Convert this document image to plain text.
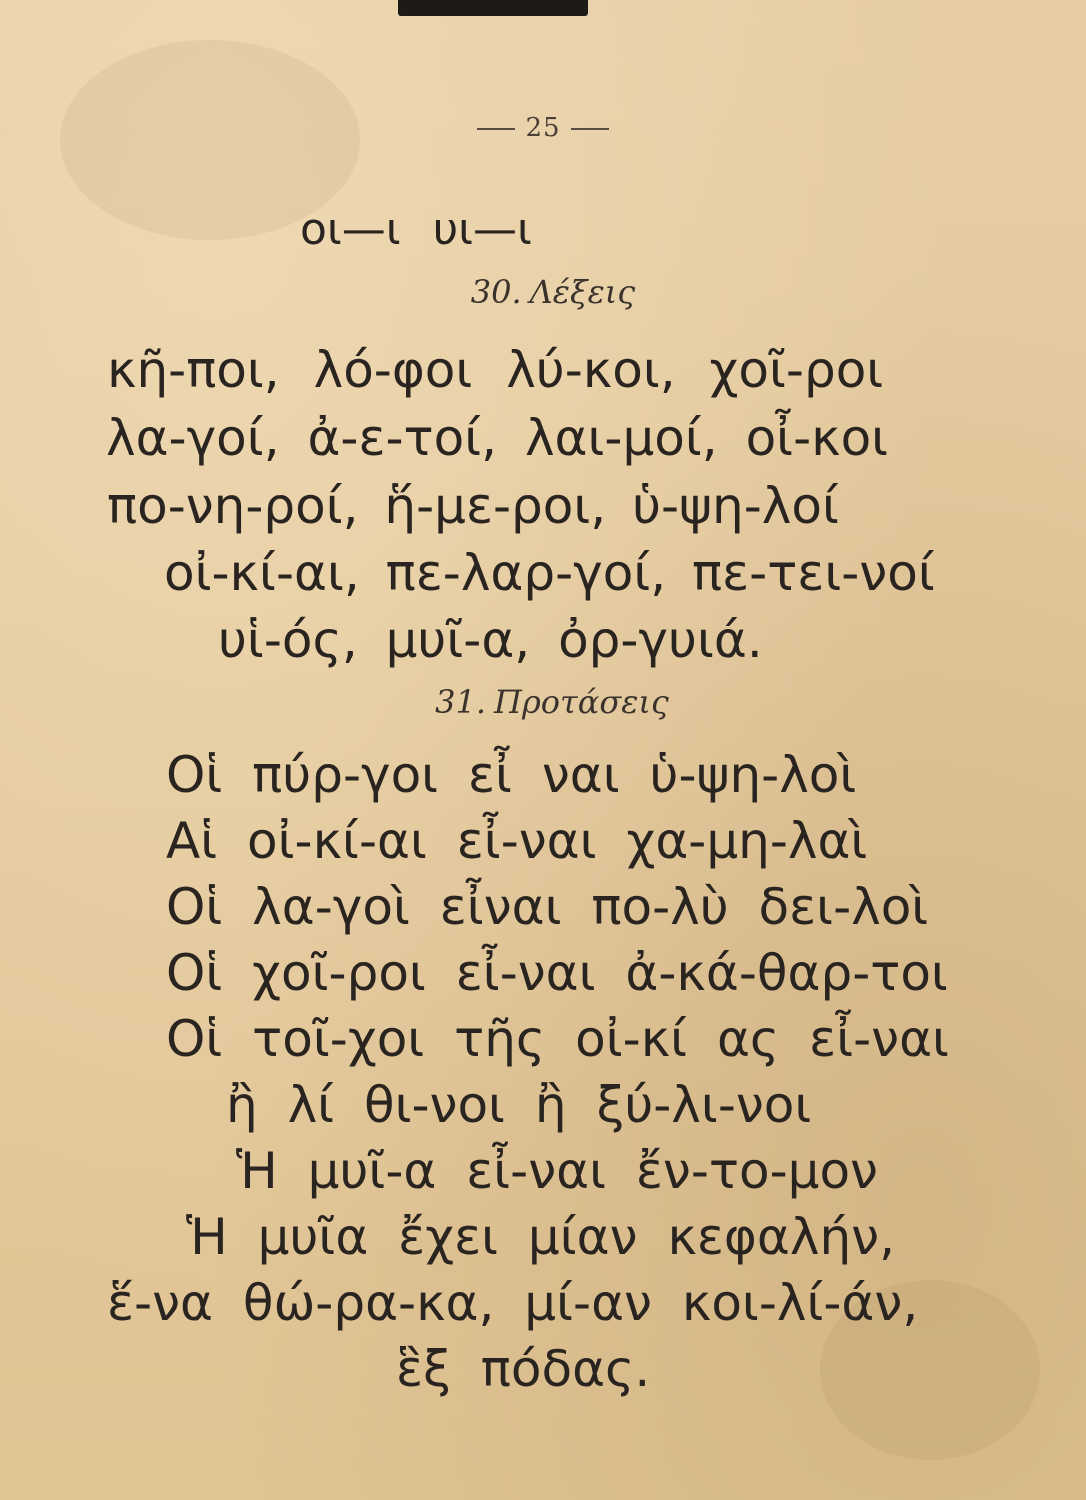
25
οι—ι υι—ι
30. Λέξεις
κῆ-ποι, λό-φοι λύ-κοι, χοῖ-ροι
λα-γοί, ἀ-ε-τοί, λαι-μοί, οἶ-κοι
πο-νη-ροί, ἥ-με-ροι, ὑ-ψη-λοί
οἰ-κί-αι, πε-λαρ-γοί, πε-τει-νοί
υἱ-ός, μυῖ-α, ὀρ-γυιά.
31. Προτάσεις
Οἱ πύρ-γοι εἶ ναι ὑ-ψη-λοὶ
Αἱ οἰ-κί-αι εἶ-ναι χα-μη-λαὶ
Οἱ λα-γοὶ εἶναι πο-λὺ δει-λοὶ
Οἱ χοῖ-ροι εἶ-ναι ἀ-κά-θαρ-τοι
Οἱ τοῖ-χοι τῆς οἰ-κί ας εἶ-ναι
ἢ λί θι-νοι ἢ ξύ-λι-νοι
Ἡ μυῖ-α εἶ-ναι ἔν-το-μον
Ἡ μυῖα ἔχει μίαν κεφαλήν,
ἕ-να θώ-ρα-κα, μί-αν κοι-λί-άν,
ἓξ πόδας.
